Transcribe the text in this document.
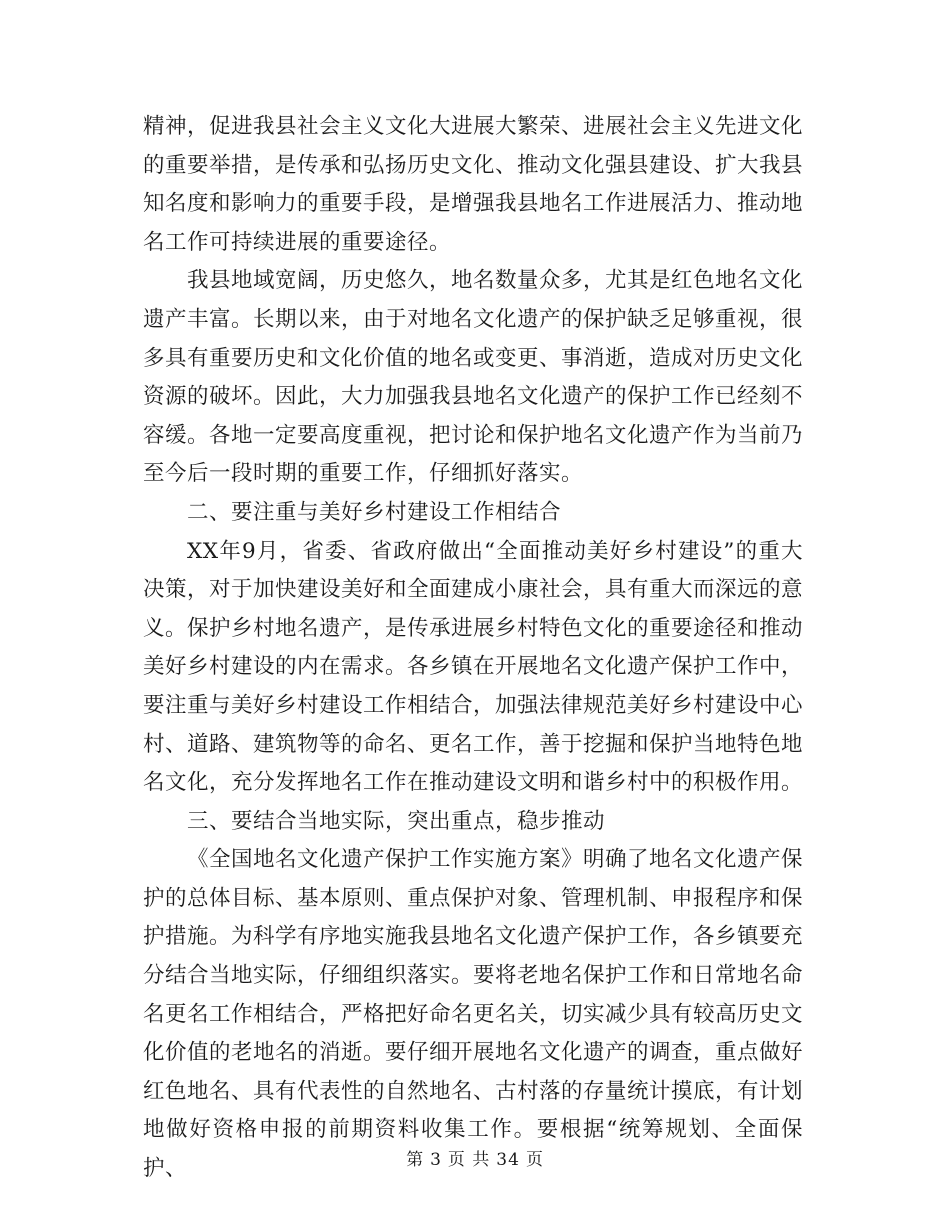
精神，促进我县社会主义文化大进展大繁荣、进展社会主义先进文化的重要举措，是传承和弘扬历史文化、推动文化强县建设、扩大我县知名度和影响力的重要手段，是增强我县地名工作进展活力、推动地名工作可持续进展的重要途径。

我县地域宽阔，历史悠久，地名数量众多，尤其是红色地名文化遗产丰富。长期以来，由于对地名文化遗产的保护缺乏足够重视，很多具有重要历史和文化价值的地名或变更、事消逝，造成对历史文化资源的破坏。因此，大力加强我县地名文化遗产的保护工作已经刻不容缓。各地一定要高度重视，把讨论和保护地名文化遗产作为当前乃至今后一段时期的重要工作，仔细抓好落实。

二、要注重与美好乡村建设工作相结合

XX年9月，省委、省政府做出“全面推动美好乡村建设”的重大决策，对于加快建设美好和全面建成小康社会，具有重大而深远的意义。保护乡村地名遗产，是传承进展乡村特色文化的重要途径和推动美好乡村建设的内在需求。各乡镇在开展地名文化遗产保护工作中，要注重与美好乡村建设工作相结合，加强法律规范美好乡村建设中心村、道路、建筑物等的命名、更名工作，善于挖掘和保护当地特色地名文化，充分发挥地名工作在推动建设文明和谐乡村中的积极作用。

三、要结合当地实际，突出重点，稳步推动

《全国地名文化遗产保护工作实施方案》明确了地名文化遗产保护的总体目标、基本原则、重点保护对象、管理机制、申报程序和保护措施。为科学有序地实施我县地名文化遗产保护工作，各乡镇要充分结合当地实际，仔细组织落实。要将老地名保护工作和日常地名命名更名工作相结合，严格把好命名更名关，切实减少具有较高历史文化价值的老地名的消逝。要仔细开展地名文化遗产的调查，重点做好红色地名、具有代表性的自然地名、古村落的存量统计摸底，有计划地做好资格申报的前期资料收集工作。要根据“统筹规划、全面保护、	第 3 页 共 34 页
